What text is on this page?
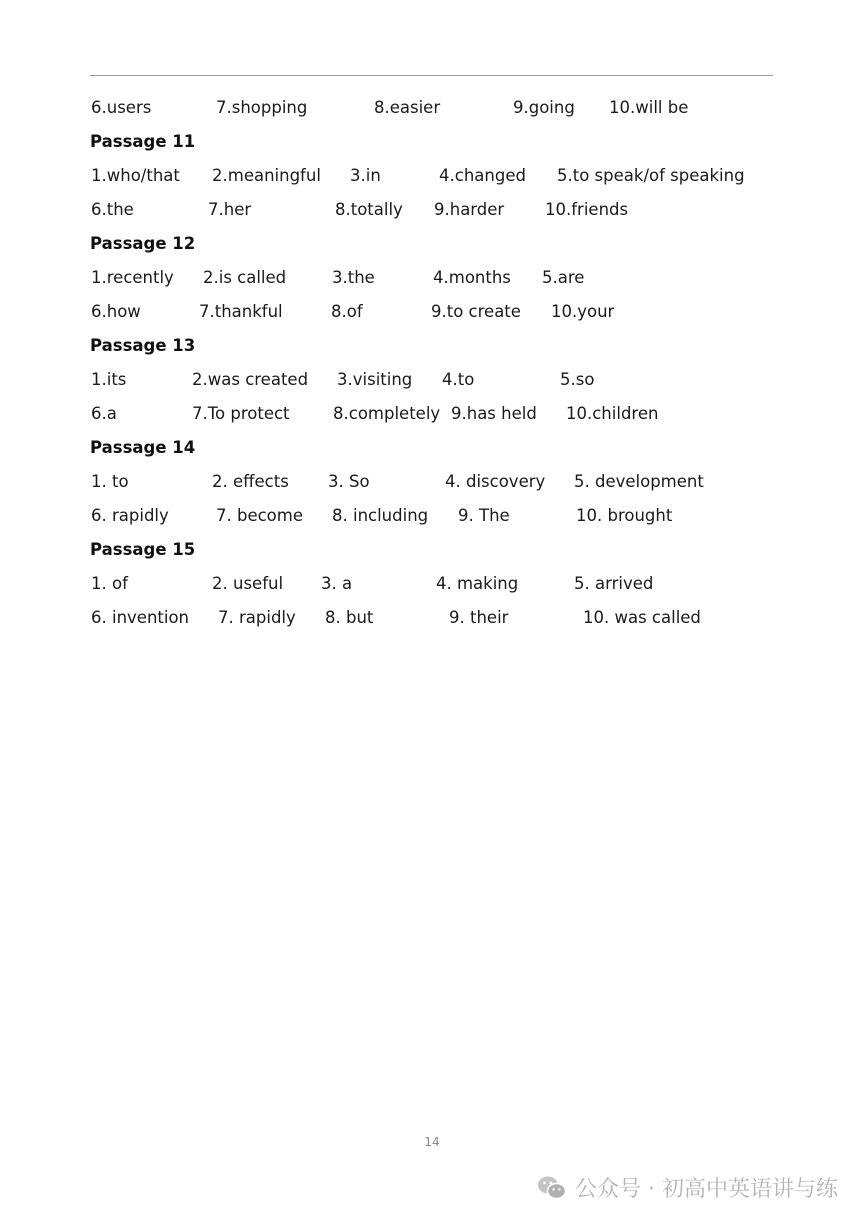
6.users	7.shopping	8.easier	9.going 10.will be
Passage 11
1.who/that 2.meaningful 3.in	4.changed 5.to speak/of speaking
6.the	7.her	8.totally 9.harder 10.friends
Passage 12
1.recently 2.is called	3.the	4.months 5.are
6.how	7.thankful	8.of	9.to create 10.your
Passage 13
1.its	2.was created 3.visiting 4.to	5.so
6.a	7.To protect	8.completely 9.has held 10.children
Passage 14
1. to	2. effects 3. So	4. discovery 5. development
6. rapidly	7. become 8. including 9. The	10. brought
Passage 15
1. of	2. useful 3. a	4. making	5. arrived
6. invention 7. rapidly 8. but	9. their	10. was called
14
公众号 · 初高中英语讲与练
